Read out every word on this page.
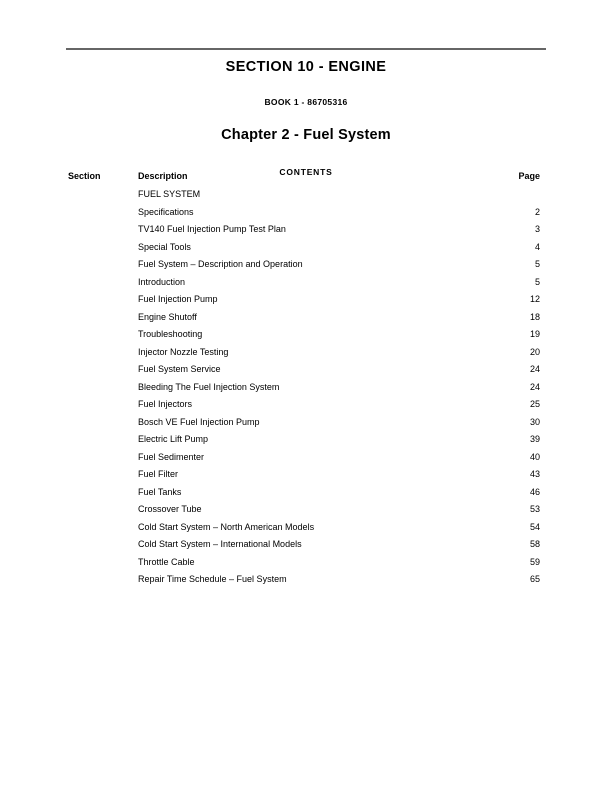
SECTION 10 - ENGINE

BOOK 1 - 86705316

Chapter 2 - Fuel System

CONTENTS

Section	Description	Page
FUEL SYSTEM
Specifications .....	2
TV140 Fuel Injection Pump Test Plan .....	3
Special Tools .....	4
Fuel System – Description and Operation .....	5
Introduction .....	5
Fuel Injection Pump .....	12
Engine Shutoff .....	18
Troubleshooting .....	19
Injector Nozzle Testing .....	20
Fuel System Service .....	24
Bleeding The Fuel Injection System .....	24
Fuel Injectors .....	25
Bosch VE Fuel Injection Pump .....	30
Electric Lift Pump .....	39
Fuel Sedimenter .....	40
Fuel Filter .....	43
Fuel Tanks .....	46
Crossover Tube .....	53
Cold Start System – North American Models .....	54
Cold Start System – International Models .....	58
Throttle Cable .....	59
Repair Time Schedule – Fuel System .....	65
